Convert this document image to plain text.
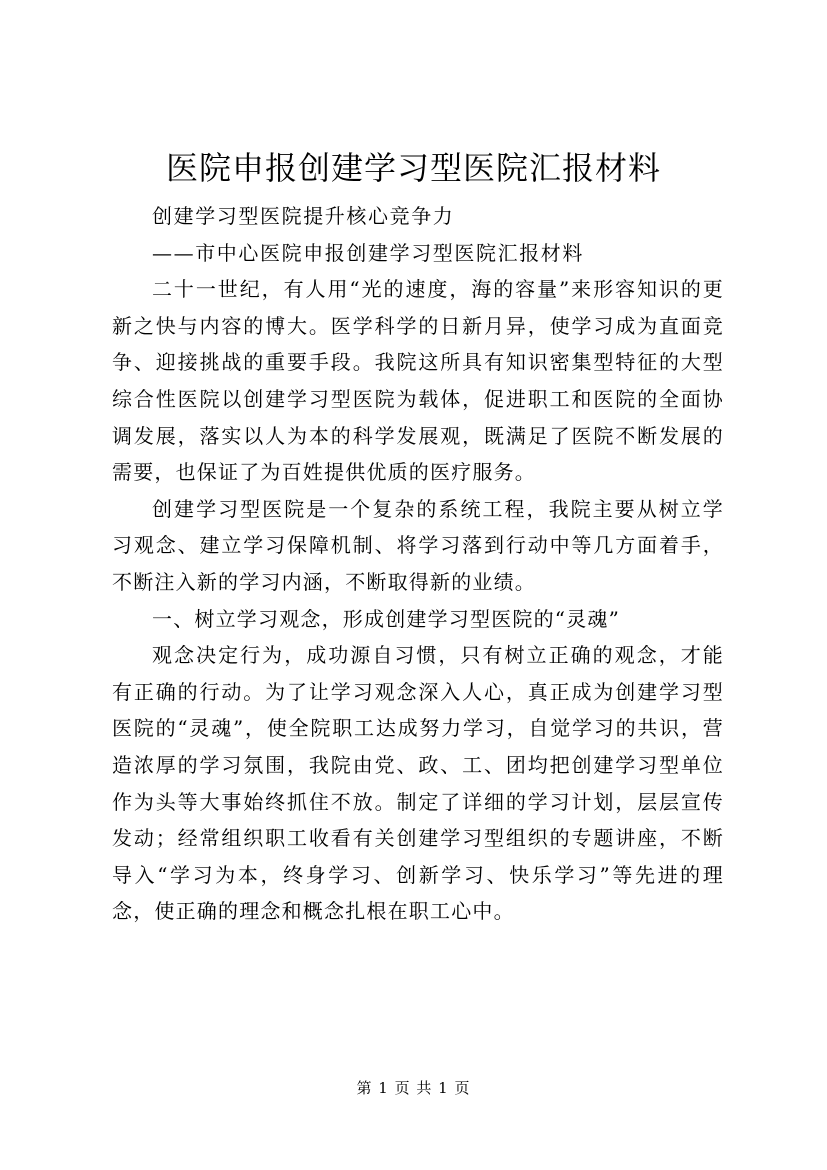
医院申报创建学习型医院汇报材料

创建学习型医院提升核心竞争力

——市中心医院申报创建学习型医院汇报材料

二十一世纪，有人用“光的速度，海的容量”来形容知识的更新之快与内容的博大。医学科学的日新月异，使学习成为直面竞争、迎接挑战的重要手段。我院这所具有知识密集型特征的大型综合性医院以创建学习型医院为载体，促进职工和医院的全面协调发展，落实以人为本的科学发展观，既满足了医院不断发展的需要，也保证了为百姓提供优质的医疗服务。

创建学习型医院是一个复杂的系统工程，我院主要从树立学习观念、建立学习保障机制、将学习落到行动中等几方面着手，不断注入新的学习内涵，不断取得新的业绩。

一、树立学习观念，形成创建学习型医院的“灵魂”

观念决定行为，成功源自习惯，只有树立正确的观念，才能有正确的行动。为了让学习观念深入人心，真正成为创建学习型医院的“灵魂”，使全院职工达成努力学习，自觉学习的共识，营造浓厚的学习氛围，我院由党、政、工、团均把创建学习型单位作为头等大事始终抓住不放。制定了详细的学习计划，层层宣传发动；经常组织职工收看有关创建学习型组织的专题讲座，不断导入“学习为本，终身学习、创新学习、快乐学习”等先进的理念，使正确的理念和概念扎根在职工心中。

第 1 页 共 1 页
